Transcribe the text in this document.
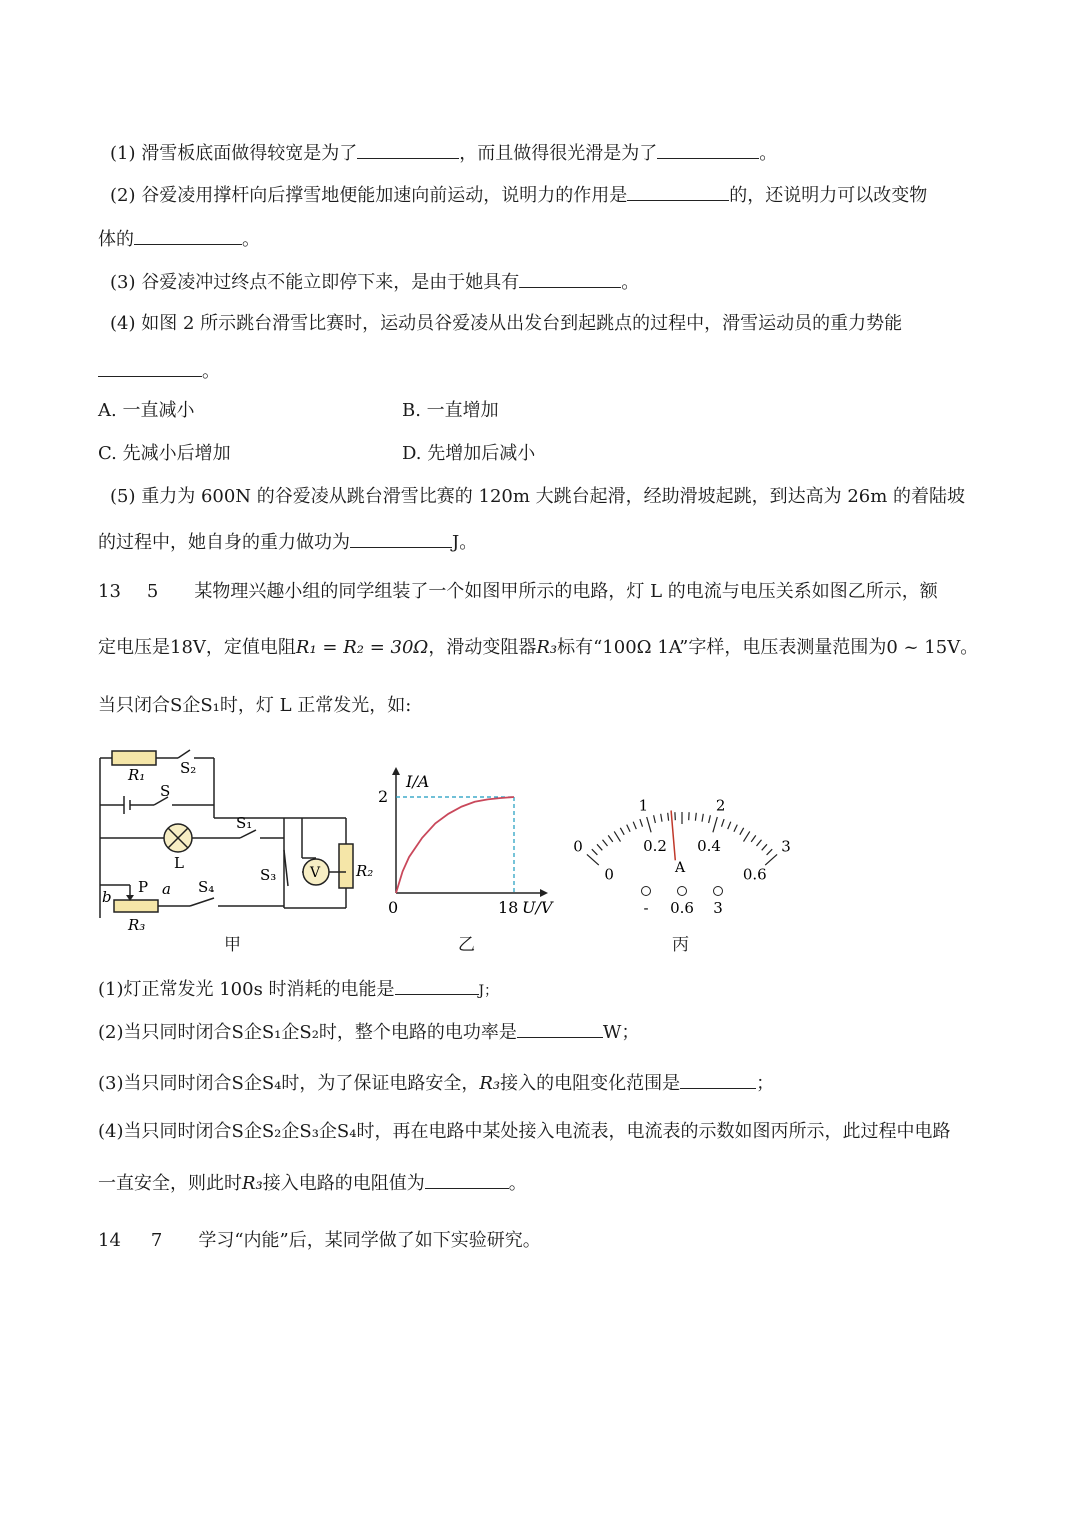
(1) 滑雪板底面做得较宽是为了	，而且做得很光滑是为了	。
(2) 谷爱凌用撑杆向后撑雪地便能加速向前运动，说明力的作用是	的，还说明力可以改变物
体的	。
(3) 谷爱凌冲过终点不能立即停下来，是由于她具有	。
(4) 如图 2 所示跳台滑雪比赛时，运动员谷爱凌从出发台到起跳点的过程中，滑雪运动员的重力势能
。
A. 一直减小	B. 一直增加
C. 先减小后增加	D. 先增加后减小
(5) 重力为 600N 的谷爱凌从跳台滑雪比赛的 120m 大跳台起滑，经助滑坡起跳，到达高为 26m 的着陆坡
的过程中，她自身的重力做功为	J。
13 5 某物理兴趣小组的同学组装了一个如图甲所示的电路，灯 L 的电流与电压关系如图乙所示，额
定电压是18V，定值电阻R₁ = R₂ = 30Ω，滑动变阻器R₃标有“100Ω 1A”字样，电压表测量范围为0 ~ 15V。
当只闭合S企S₁时，灯 L 正常发光，如:
R₁ S₂
S
S₁
L
S₃ V R₂
b
P a S₄
R₃
I/A
2
0	18 U/V
A
- 0.6 3
0
1	2
3
0
0.2 0.4
0.6
甲	乙	丙
(1)灯正常发光 100s 时消耗的电能是	J；
(2)当只同时闭合S企S₁企S₂时，整个电路的电功率是	W；
(3)当只同时闭合S企S₄时，为了保证电路安全，R₃接入的电阻变化范围是	；
(4)当只同时闭合S企S₂企S₃企S₄时，再在电路中某处接入电流表，电流表的示数如图丙所示，此过程中电路
一直安全，则此时R₃接入电路的电阻值为	。
14 7 学习“内能”后，某同学做了如下实验研究。
